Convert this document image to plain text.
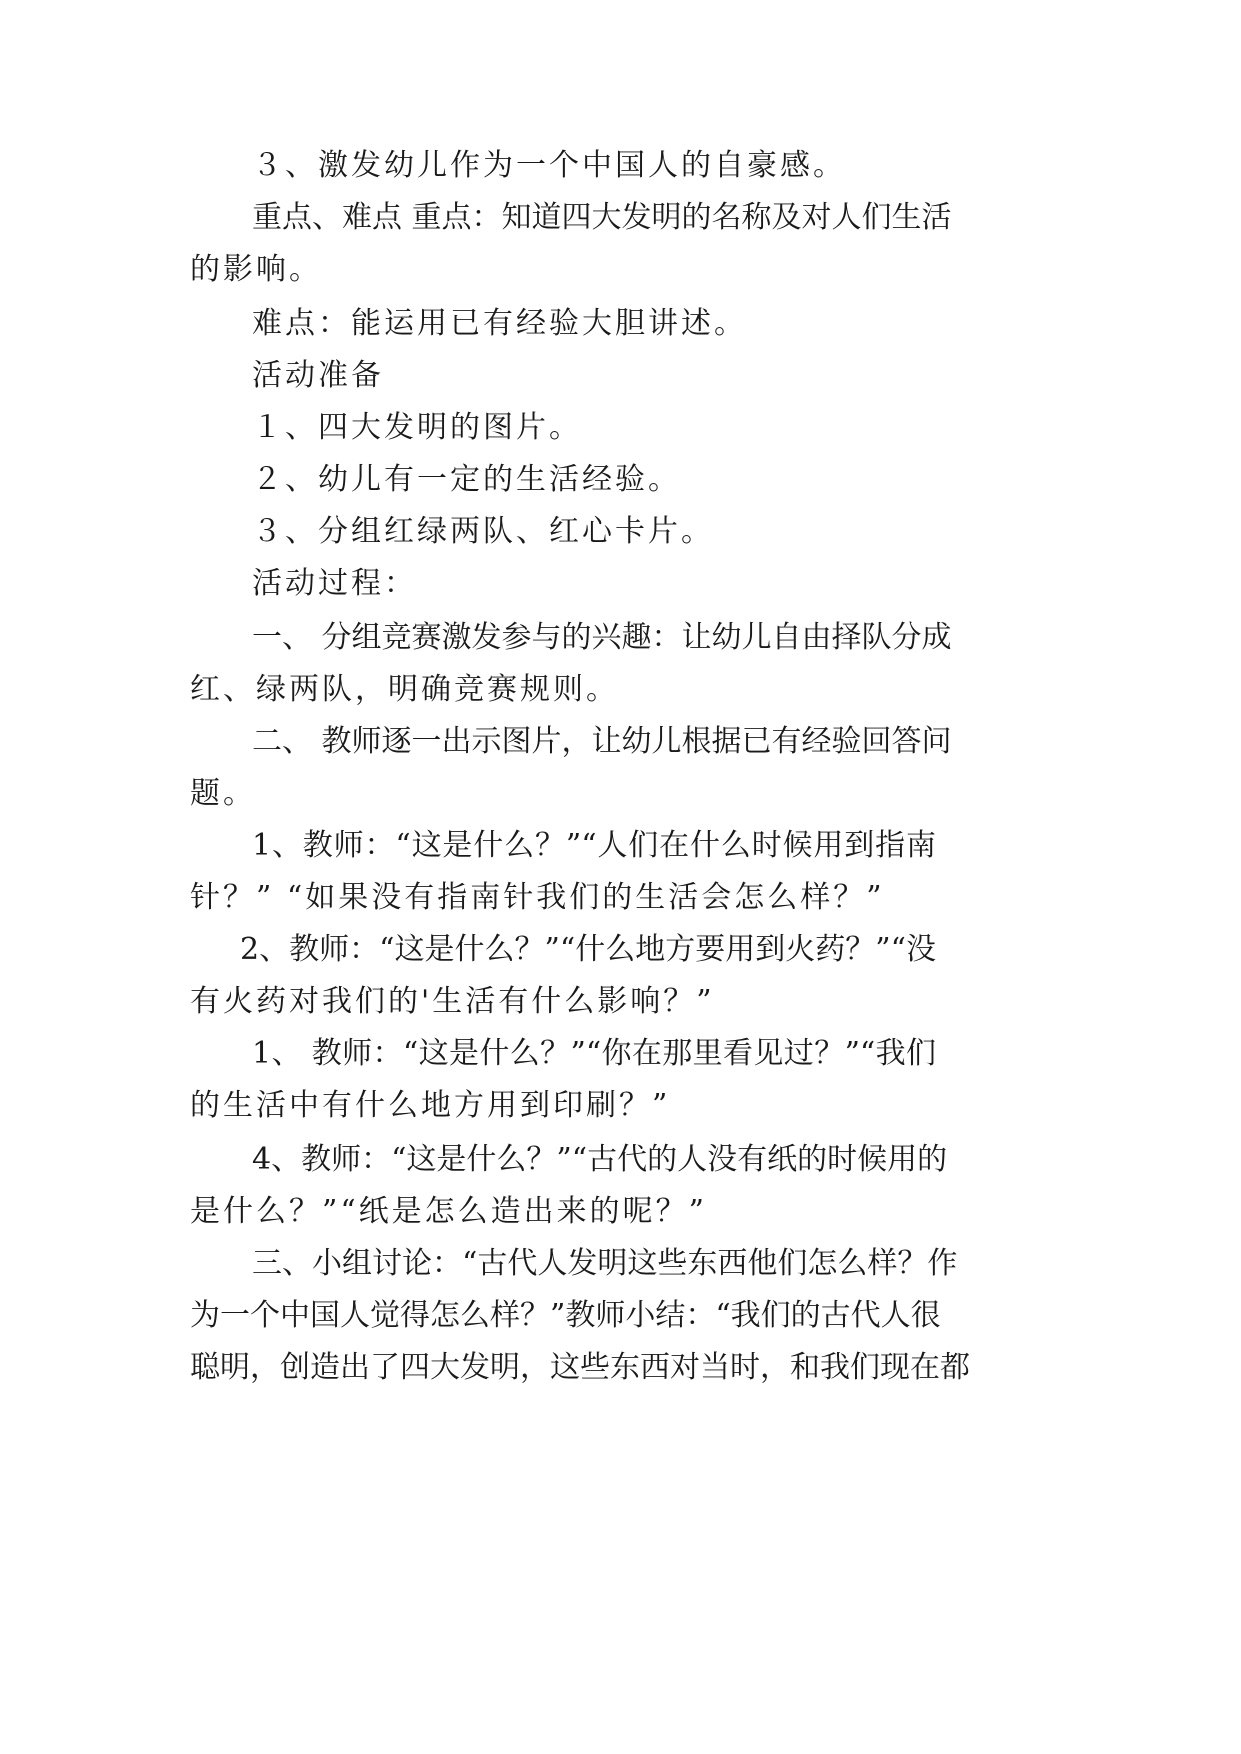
３、激发幼儿作为一个中国人的自豪感。
重点、难点 重点：知道四大发明的名称及对人们生活
的影响。
难点：能运用已有经验大胆讲述。
活动准备
１、四大发明的图片。
２、幼儿有一定的生活经验。
３、分组红绿两队、红心卡片。
活动过程：
一、 分组竞赛激发参与的兴趣：让幼儿自由择队分成
红、绿两队，明确竞赛规则。
二、 教师逐一出示图片，让幼儿根据已有经验回答问
题。
1、教师：“这是什么？”“人们在什么时候用到指南
针？” “如果没有指南针我们的生活会怎么样？”
2、教师：“这是什么？”“什么地方要用到火药？”“没
有火药对我们的'生活有什么影响？”
1、 教师：“这是什么？”“你在那里看见过？”“我们
的生活中有什么地方用到印刷？”
4、教师：“这是什么？”“古代的人没有纸的时候用的
是什么？”“纸是怎么造出来的呢？”
三、小组讨论：“古代人发明这些东西他们怎么样？作
为一个中国人觉得怎么样？”教师小结：“我们的古代人很
聪明，创造出了四大发明，这些东西对当时，和我们现在都
